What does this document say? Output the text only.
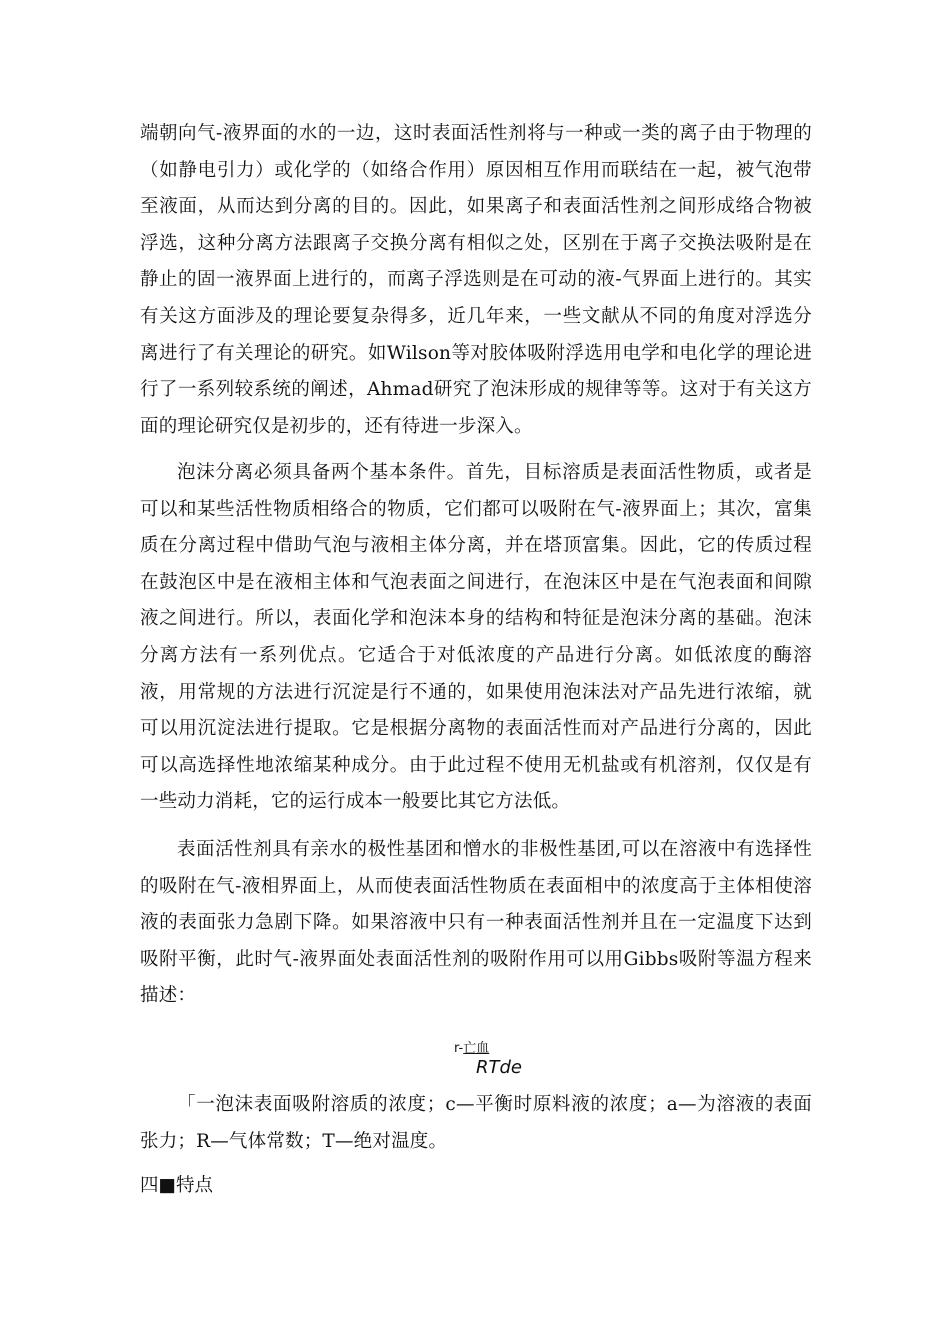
端朝向气-液界面的水的一边，这时表面活性剂将与一种或一类的离子由于物理的（如静电引力）或化学的（如络合作用）原因相互作用而联结在一起，被气泡带至液面，从而达到分离的目的。因此，如果离子和表面活性剂之间形成络合物被浮选，这种分离方法跟离子交换分离有相似之处，区别在于离子交换法吸附是在静止的固一液界面上进行的，而离子浮选则是在可动的液-气界面上进行的。其实有关这方面涉及的理论要复杂得多，近几年来，一些文献从不同的角度对浮选分离进行了有关理论的研究。如Wilson等对胶体吸附浮选用电学和电化学的理论进行了一系列较系统的阐述，Ahmad研究了泡沫形成的规律等等。这对于有关这方面的理论研究仅是初步的，还有待进一步深入。

泡沫分离必须具备两个基本条件。首先，目标溶质是表面活性物质，或者是可以和某些活性物质相络合的物质，它们都可以吸附在气-液界面上；其次，富集质在分离过程中借助气泡与液相主体分离，并在塔顶富集。因此，它的传质过程在鼓泡区中是在液相主体和气泡表面之间进行，在泡沫区中是在气泡表面和间隙液之间进行。所以，表面化学和泡沫本身的结构和特征是泡沫分离的基础。泡沫分离方法有一系列优点。它适合于对低浓度的产品进行分离。如低浓度的酶溶液，用常规的方法进行沉淀是行不通的，如果使用泡沫法对产品先进行浓缩，就可以用沉淀法进行提取。它是根据分离物的表面活性而对产品进行分离的，因此可以高选择性地浓缩某种成分。由于此过程不使用无机盐或有机溶剂，仅仅是有一些动力消耗，它的运行成本一般要比其它方法低。

表面活性剂具有亲水的极性基团和憎水的非极性基团,可以在溶液中有选择性的吸附在气-液相界面上，从而使表面活性物质在表面相中的浓度高于主体相使溶液的表面张力急剧下降。如果溶液中只有一种表面活性剂并且在一定温度下达到吸附平衡，此时气-液界面处表面活性剂的吸附作用可以用Gibbs吸附等温方程来描述：

r-亡血
RTde

「一泡沫表面吸附溶质的浓度；c—平衡时原料液的浓度；a—为溶液的表面张力；R—气体常数；T—绝对温度。

四■特点
